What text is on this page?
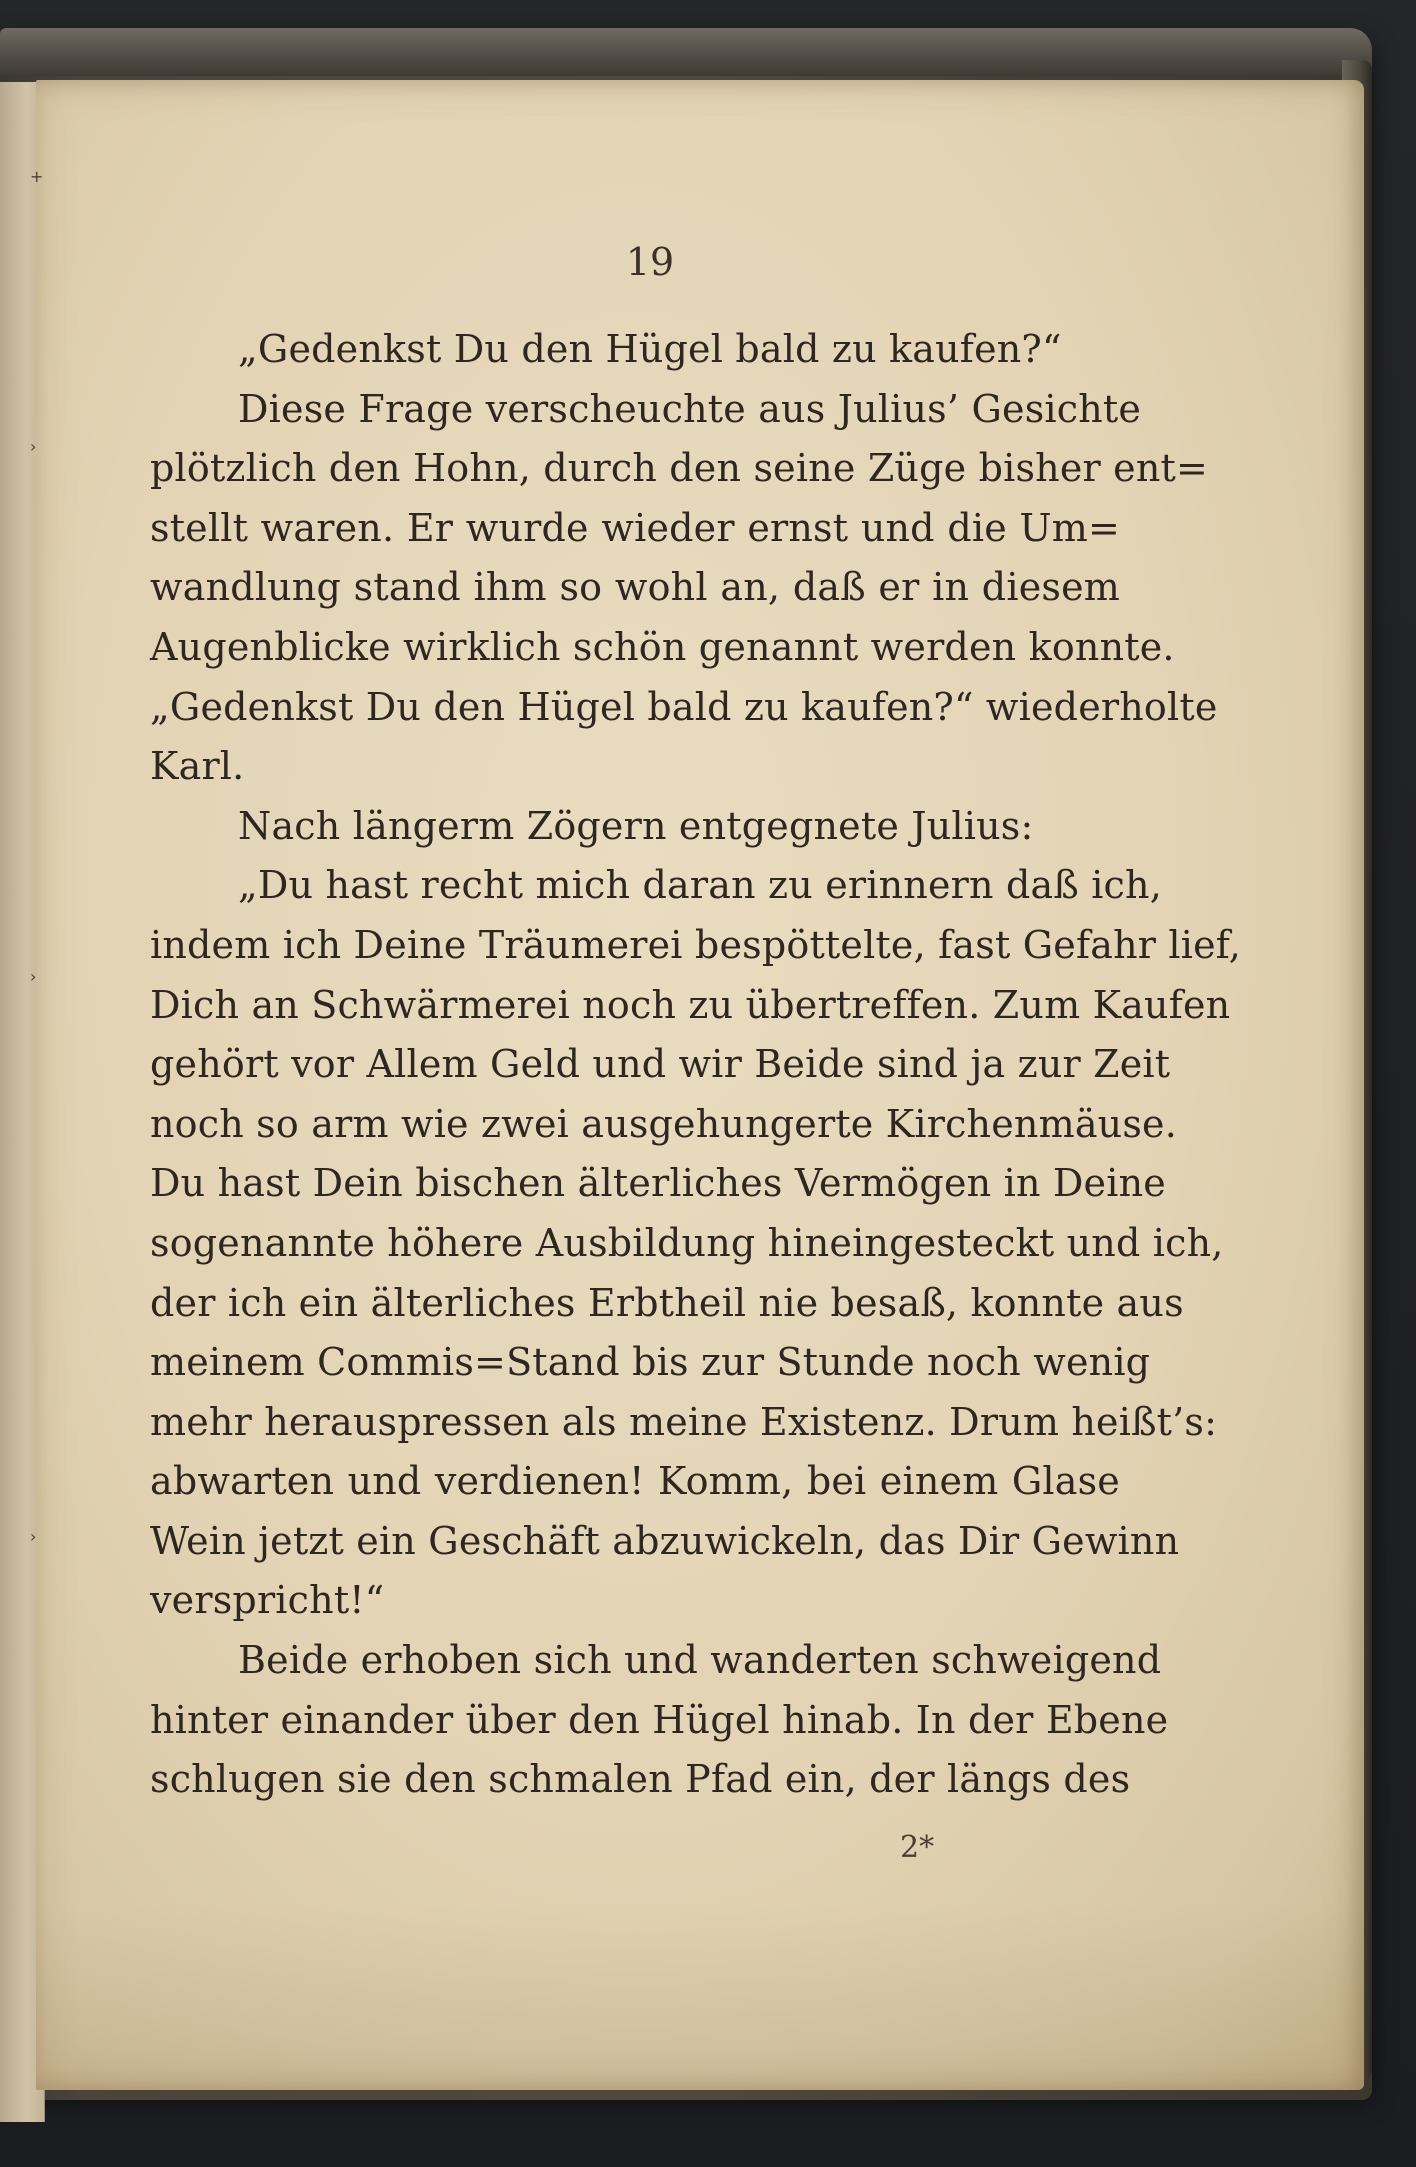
+
›
›
›
19
„Gedenkst Du den Hügel bald zu kaufen?“
Diese Frage verscheuchte aus Julius’ Gesichte
plötzlich den Hohn, durch den seine Züge bisher ent=
stellt waren. Er wurde wieder ernst und die Um=
wandlung stand ihm so wohl an, daß er in diesem
Augenblicke wirklich schön genannt werden konnte.
„Gedenkst Du den Hügel bald zu kaufen?“ wiederholte
Karl.
Nach längerm Zögern entgegnete Julius:
„Du hast recht mich daran zu erinnern daß ich,
indem ich Deine Träumerei bespöttelte, fast Gefahr lief,
Dich an Schwärmerei noch zu übertreffen. Zum Kaufen
gehört vor Allem Geld und wir Beide sind ja zur Zeit
noch so arm wie zwei ausgehungerte Kirchenmäuse.
Du hast Dein bischen älterliches Vermögen in Deine
sogenannte höhere Ausbildung hineingesteckt und ich,
der ich ein älterliches Erbtheil nie besaß, konnte aus
meinem Commis=Stand bis zur Stunde noch wenig
mehr herauspressen als meine Existenz. Drum heißt’s:
abwarten und verdienen! Komm, bei einem Glase
Wein jetzt ein Geschäft abzuwickeln, das Dir Gewinn
verspricht!“
Beide erhoben sich und wanderten schweigend
hinter einander über den Hügel hinab. In der Ebene
schlugen sie den schmalen Pfad ein, der längs des
2*
